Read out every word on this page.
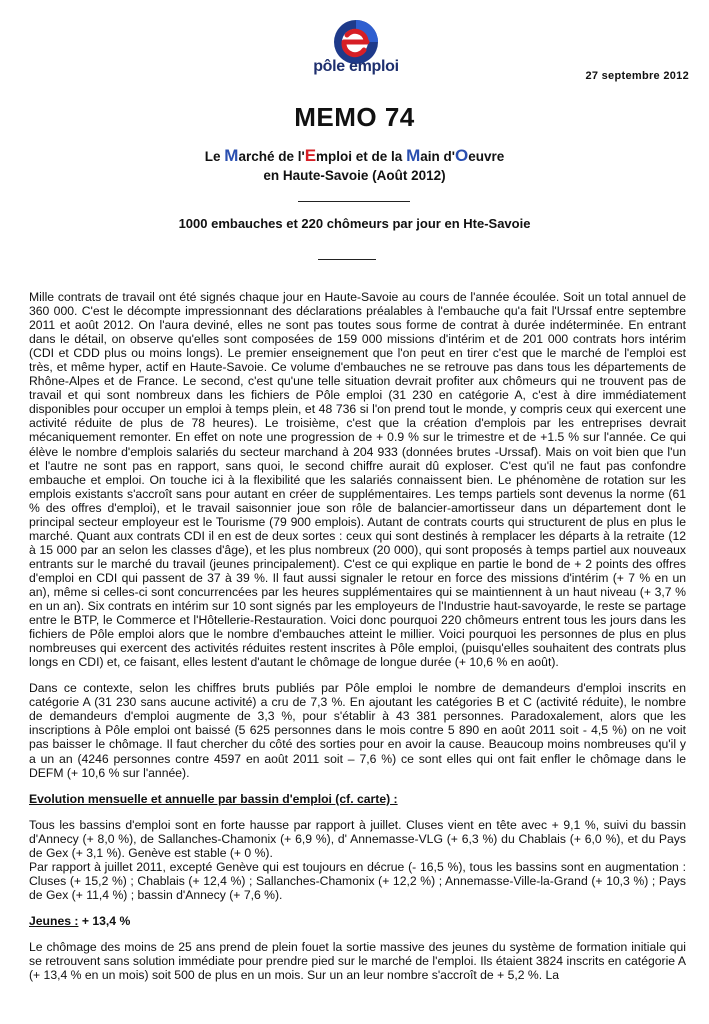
pôle emploi
27 septembre 2012
MEMO 74
Le Marché de l'Emploi et de la Main d'Oeuvre
en Haute-Savoie (Août 2012)
1000 embauches et 220 chômeurs par jour en Hte-Savoie

Mille contrats de travail ont été signés chaque jour en Haute-Savoie au cours de l'année écoulée. Soit un total annuel de 360 000. C'est le décompte impressionnant des déclarations préalables à l'embauche qu'a fait l'Urssaf entre septembre 2011 et août 2012. On l'aura deviné, elles ne sont pas toutes sous forme de contrat à durée indéterminée. En entrant dans le détail, on observe qu'elles sont composées de 159 000 missions d'intérim et de 201 000 contrats hors intérim (CDI et CDD plus ou moins longs). Le premier enseignement que l'on peut en tirer c'est que le marché de l'emploi est très, et même hyper, actif en Haute-Savoie. Ce volume d'embauches ne se retrouve pas dans tous les départements de Rhône-Alpes et de France. Le second, c'est qu'une telle situation devrait profiter aux chômeurs qui ne trouvent pas de travail et qui sont nombreux dans les fichiers de Pôle emploi (31 230 en catégorie A, c'est à dire immédiatement disponibles pour occuper un emploi à temps plein, et 48 736 si l'on prend tout le monde, y compris ceux qui exercent une activité réduite de plus de 78 heures). Le troisième, c'est que la création d'emplois par les entreprises devrait mécaniquement remonter. En effet on note une progression de + 0.9 % sur le trimestre et de +1.5 % sur l'année. Ce qui élève le nombre d'emplois salariés du secteur marchand à 204 933 (données brutes -Urssaf). Mais on voit bien que l'un et l'autre ne sont pas en rapport, sans quoi, le second chiffre aurait dû exploser. C'est qu'il ne faut pas confondre embauche et emploi. On touche ici à la flexibilité que les salariés connaissent bien. Le phénomène de rotation sur les emplois existants s'accroît sans pour autant en créer de supplémentaires. Les temps partiels sont devenus la norme (61 % des offres d'emploi), et le travail saisonnier joue son rôle de balancier-amortisseur dans un département dont le principal secteur employeur est le Tourisme (79 900 emplois). Autant de contrats courts qui structurent de plus en plus le marché. Quant aux contrats CDI il en est de deux sortes : ceux qui sont destinés à remplacer les départs à la retraite (12 à 15 000 par an selon les classes d'âge), et les plus nombreux (20 000), qui sont proposés à temps partiel aux nouveaux entrants sur le marché du travail (jeunes principalement). C'est ce qui explique en partie le bond de + 2 points des offres d'emploi en CDI qui passent de 37 à 39 %. Il faut aussi signaler le retour en force des missions d'intérim (+ 7 % en un an), même si celles-ci sont concurrencées par les heures supplémentaires qui se maintiennent à un haut niveau (+ 3,7 % en un an). Six contrats en intérim sur 10 sont signés par les employeurs de l'Industrie haut-savoyarde, le reste se partage entre le BTP, le Commerce et l'Hôtellerie-Restauration. Voici donc pourquoi 220 chômeurs entrent tous les jours dans les fichiers de Pôle emploi alors que le nombre d'embauches atteint le millier. Voici pourquoi les personnes de plus en plus nombreuses qui exercent des activités réduites restent inscrites à Pôle emploi, (puisqu'elles souhaitent des contrats plus longs en CDI) et, ce faisant, elles lestent d'autant le chômage de longue durée (+ 10,6 % en août).

Dans ce contexte, selon les chiffres bruts publiés par Pôle emploi le nombre de demandeurs d'emploi inscrits en catégorie A (31 230 sans aucune activité) a cru de 7,3 %. En ajoutant les catégories B et C (activité réduite), le nombre de demandeurs d'emploi augmente de 3,3 %, pour s'établir à 43 381 personnes. Paradoxalement, alors que les inscriptions à Pôle emploi ont baissé (5 625 personnes dans le mois contre 5 890 en août 2011 soit - 4,5 %) on ne voit pas baisser le chômage. Il faut chercher du côté des sorties pour en avoir la cause. Beaucoup moins nombreuses qu'il y a un an (4246 personnes contre 4597 en août 2011 soit – 7,6 %) ce sont elles qui ont fait enfler le chômage dans le DEFM (+ 10,6 % sur l'année).

Evolution mensuelle et annuelle par bassin d'emploi (cf. carte) :

Tous les bassins d'emploi sont en forte hausse par rapport à juillet. Cluses vient en tête avec + 9,1 %, suivi du bassin d'Annecy (+ 8,0 %), de Sallanches-Chamonix (+ 6,9 %), d' Annemasse-VLG (+ 6,3 %) du Chablais (+ 6,0 %), et du Pays de Gex (+ 3,1 %). Genève est stable (+ 0 %).

Par rapport à juillet 2011, excepté Genève qui est toujours en décrue (- 16,5 %), tous les bassins sont en augmentation : Cluses (+ 15,2 %) ; Chablais (+ 12,4 %) ; Sallanches-Chamonix (+ 12,2 %) ; Annemasse-Ville-la-Grand (+ 10,3 %) ; Pays de Gex (+ 11,4 %) ; bassin d'Annecy (+ 7,6 %).

Jeunes : + 13,4 %

Le chômage des moins de 25 ans prend de plein fouet la sortie massive des jeunes du système de formation initiale qui se retrouvent sans solution immédiate pour prendre pied sur le marché de l'emploi. Ils étaient 3824 inscrits en catégorie A (+ 13,4 % en un mois) soit 500 de plus en un mois. Sur un an leur nombre s'accroît de + 5,2 %. La
